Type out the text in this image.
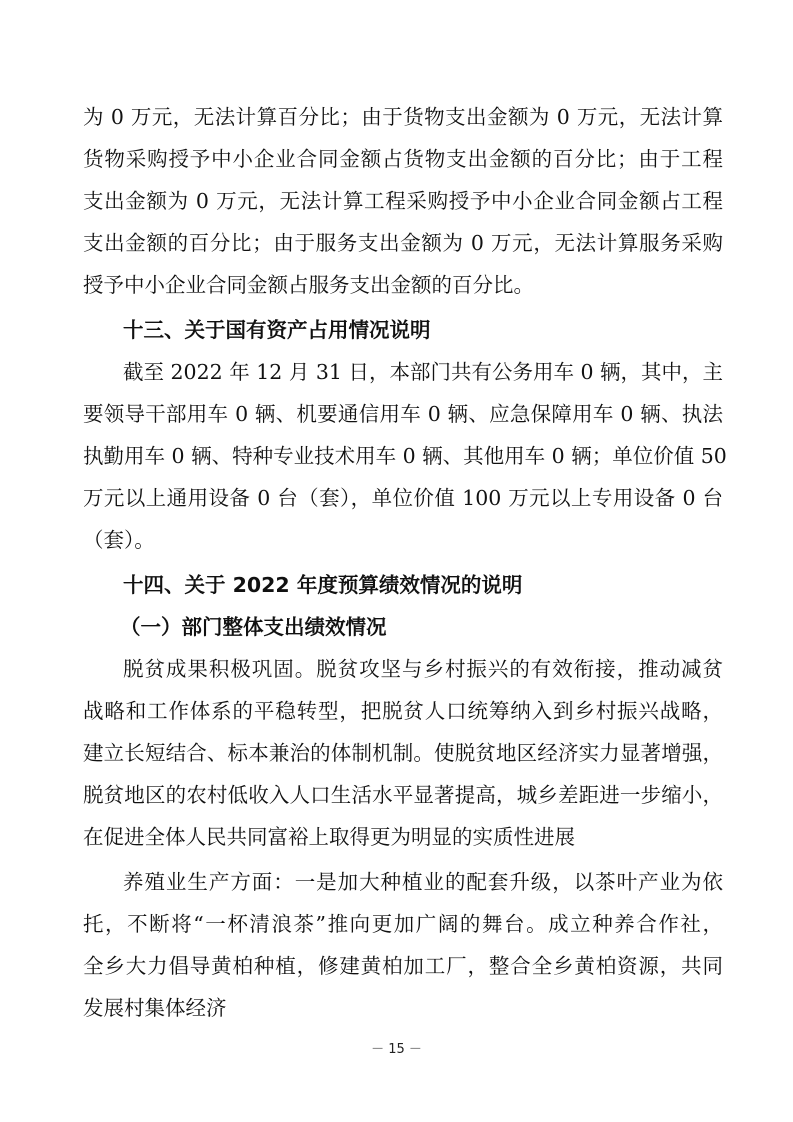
为 0 万元，无法计算百分比；由于货物支出金额为 0 万元，无法计算
货物采购授予中小企业合同金额占货物支出金额的百分比；由于工程
支出金额为 0 万元，无法计算工程采购授予中小企业合同金额占工程
支出金额的百分比；由于服务支出金额为 0 万元，无法计算服务采购
授予中小企业合同金额占服务支出金额的百分比。
十三、关于国有资产占用情况说明
截至 2022 年 12 月 31 日，本部门共有公务用车 0 辆，其中，主
要领导干部用车 0 辆、机要通信用车 0 辆、应急保障用车 0 辆、执法
执勤用车 0 辆、特种专业技术用车 0 辆、其他用车 0 辆；单位价值 50
万元以上通用设备 0 台（套），单位价值 100 万元以上专用设备 0 台
（套）。
十四、关于 2022 年度预算绩效情况的说明
（一）部门整体支出绩效情况
脱贫成果积极巩固。脱贫攻坚与乡村振兴的有效衔接，推动减贫
战略和工作体系的平稳转型，把脱贫人口统筹纳入到乡村振兴战略，
建立长短结合、标本兼治的体制机制。使脱贫地区经济实力显著增强，
脱贫地区的农村低收入人口生活水平显著提高，城乡差距进一步缩小，
在促进全体人民共同富裕上取得更为明显的实质性进展
养殖业生产方面：一是加大种植业的配套升级，以茶叶产业为依
托，不断将“一杯清浪茶”推向更加广阔的舞台。成立种养合作社，
全乡大力倡导黄柏种植，修建黄柏加工厂，整合全乡黄柏资源，共同
发展村集体经济
－ 15 －
